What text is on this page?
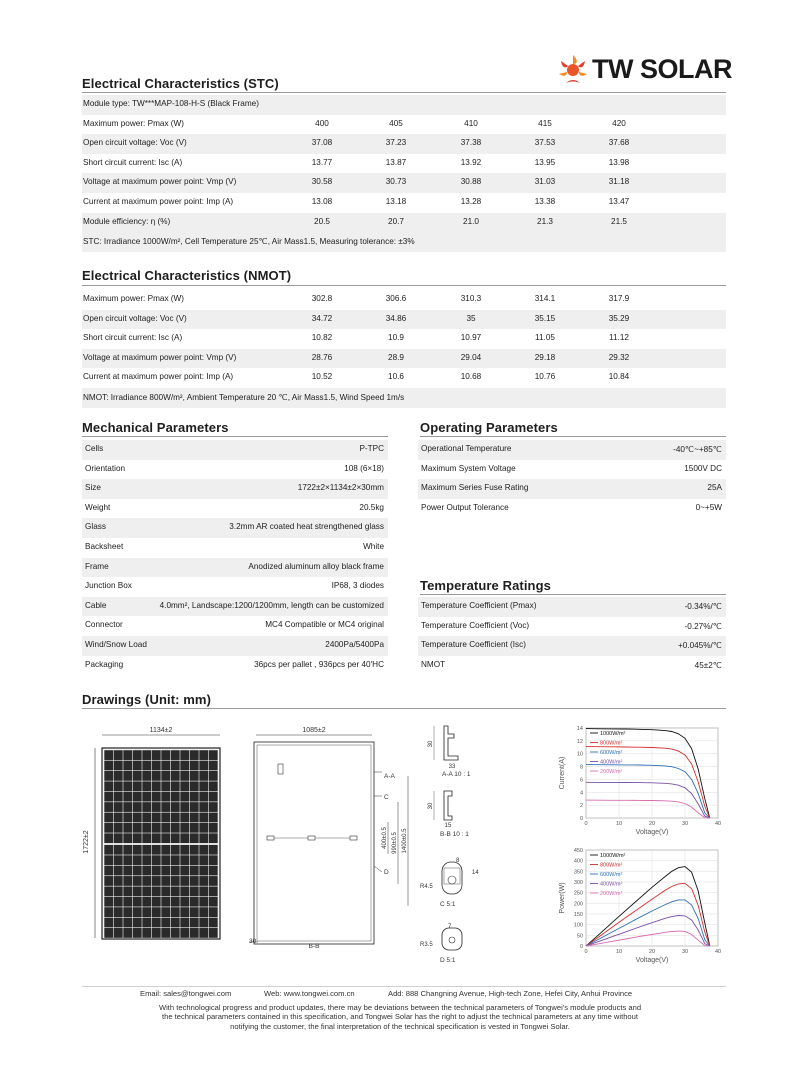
TW SOLAR
Electrical Characteristics (STC)
Module type: TW***MAP-108-H-S (Black Frame)
Maximum power: Pmax (W)	400	405	410	415	420
Open circuit voltage: Voc (V)	37.08	37.23	37.38	37.53	37.68
Short circuit current: Isc (A)	13.77	13.87	13.92	13.95	13.98
Voltage at maximum power point: Vmp (V)	30.58	30.73	30.88	31.03	31.18
Current at maximum power point: Imp (A)	13.08	13.18	13.28	13.38	13.47
Module efficiency: η (%)	20.5	20.7	21.0	21.3	21.5
STC: Irradiance 1000W/m², Cell Temperature 25℃, Air Mass1.5, Measuring tolerance: ±3%
Electrical Characteristics (NMOT)
Maximum power: Pmax (W)	302.8	306.6	310.3	314.1	317.9
Open circuit voltage: Voc (V)	34.72	34.86	35	35.15	35.29
Short circuit current: Isc (A)	10.82	10.9	10.97	11.05	11.12
Voltage at maximum power point: Vmp (V)	28.76	28.9	29.04	29.18	29.32
Current at maximum power point: Imp (A)	10.52	10.6	10.68	10.76	10.84
NMOT: Irradiance 800W/m², Ambient Temperature 20 ℃, Air Mass1.5, Wind Speed 1m/s
Mechanical Parameters
Cells	P-TPC
Orientation	108 (6×18)
Size	1722±2×1134±2×30mm
Weight	20.5kg
Glass	3.2mm AR coated heat strengthened glass
Backsheet	White
Frame	Anodized aluminum alloy black frame
Junction Box	IP68, 3 diodes
Cable	4.0mm², Landscape:1200/1200mm, length can be customized
Connector	MC4 Compatible or MC4 original
Wind/Snow Load	2400Pa/5400Pa
Packaging	36pcs per pallet , 936pcs per 40'HC
Operating Parameters
Operational Temperature	-40℃~+85℃
Maximum System Voltage	1500V DC
Maximum Series Fuse Rating	25A
Power Output Tolerance	0~+5W
Temperature Ratings
Temperature Coefficient (Pmax)	-0.34%/℃
Temperature Coefficient (Voc)	-0.27%/℃
Temperature Coefficient (Isc)	+0.045%/℃
NMOT	45±2℃
Drawings (Unit: mm)
1134±2
1722±2
1085±2
30
B-B
A-A
C
D
400±0.5 990±0.5 1400±0.5
30
33
A-A 10 : 1
30
15
B-B 10 : 1
8
14
R4.5
C 5:1
7
R3.5
D 5:1
0
2
4
6
8
10
12
14
0	10	20	30	40
Voltage(V)
Current(A)
1000W/m²
800W/m²
600W/m²
400W/m²
200W/m²
0
50
100
150
200
250
300
350
400
450
0	10	20	30	40
Voltage(V)
Power(W)
1000W/m²
800W/m²
600W/m²
400W/m²
200W/m²
Email: sales@tongwei.com	Web: www.tongwei.com.cn	Add: 888 Changning Avenue, High-tech Zone, Hefei City, Anhui Province
With technological progress and product updates, there may be deviations between the technical parameters of Tongwei's module products and
the technical parameters contained in this specification, and Tongwei Solar has the right to adjust the technical parameters at any time without
notifying the customer, the final interpretation of the technical specification is vested in Tongwei Solar.
